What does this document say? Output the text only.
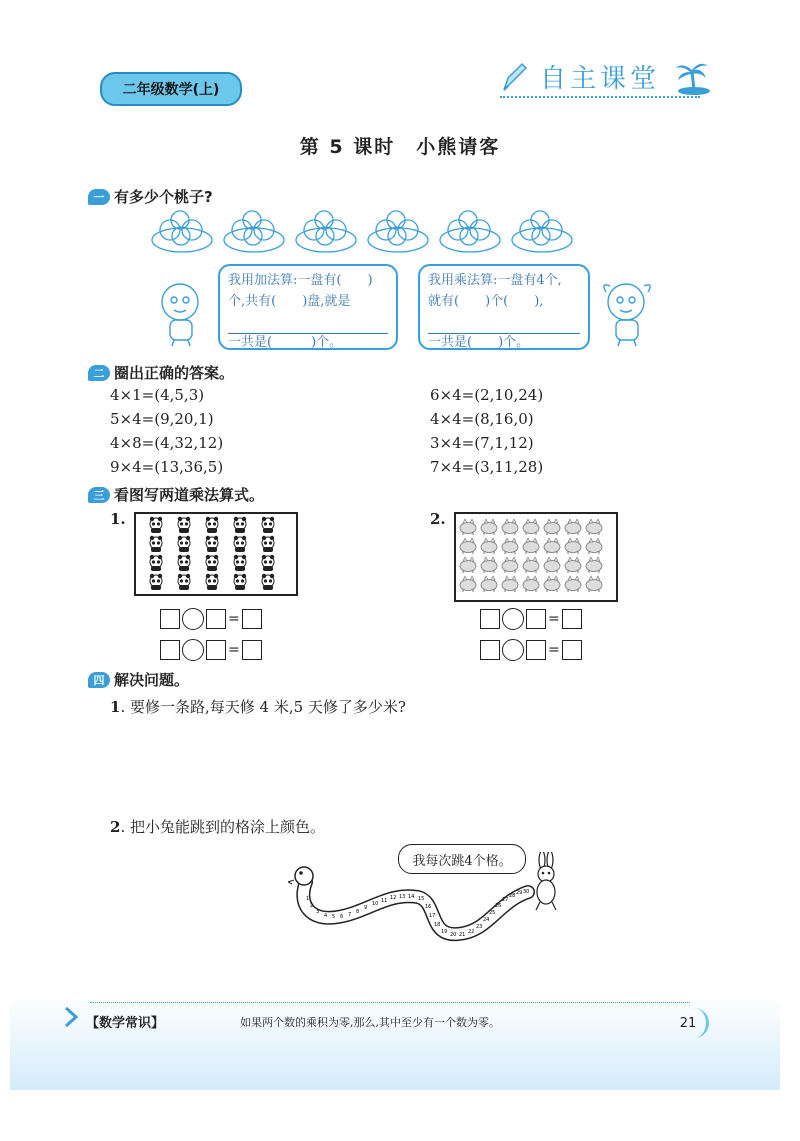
二年级数学(上)	自主课堂
第 5 课时　小熊请客
一 有多少个桃子?
我用加法算:一盘有(　　)
个,共有(　　)盘,就是

一共是(　　　)个。
我用乘法算:一盘有4个,
就有(　　)个(　　),

一共是(　　)个。
二 圈出正确的答案。
4×1=(4,5,3)
5×4=(9,20,1)
4×8=(4,32,12)
9×4=(13,36,5)
6×4=(2,10,24)
4×4=(8,16,0)
3×4=(7,1,12)
7×4=(3,11,28)
三 看图写两道乘法算式。
1.
=
=
2.
=
=
四 解决问题。
1. 要修一条路,每天修 4 米,5 天修了多少米?
2. 把小兔能跳到的格涂上颜色。
我每次跳4个格。
1
2
3
4 5 6 7 8
9
10 11 12 13 14 15
16
17
18
19 20 21 22
23
24
25
26
27
28 29 30
【数学常识】	如果两个数的乘积为零,那么,其中至少有一个数为零。	21
